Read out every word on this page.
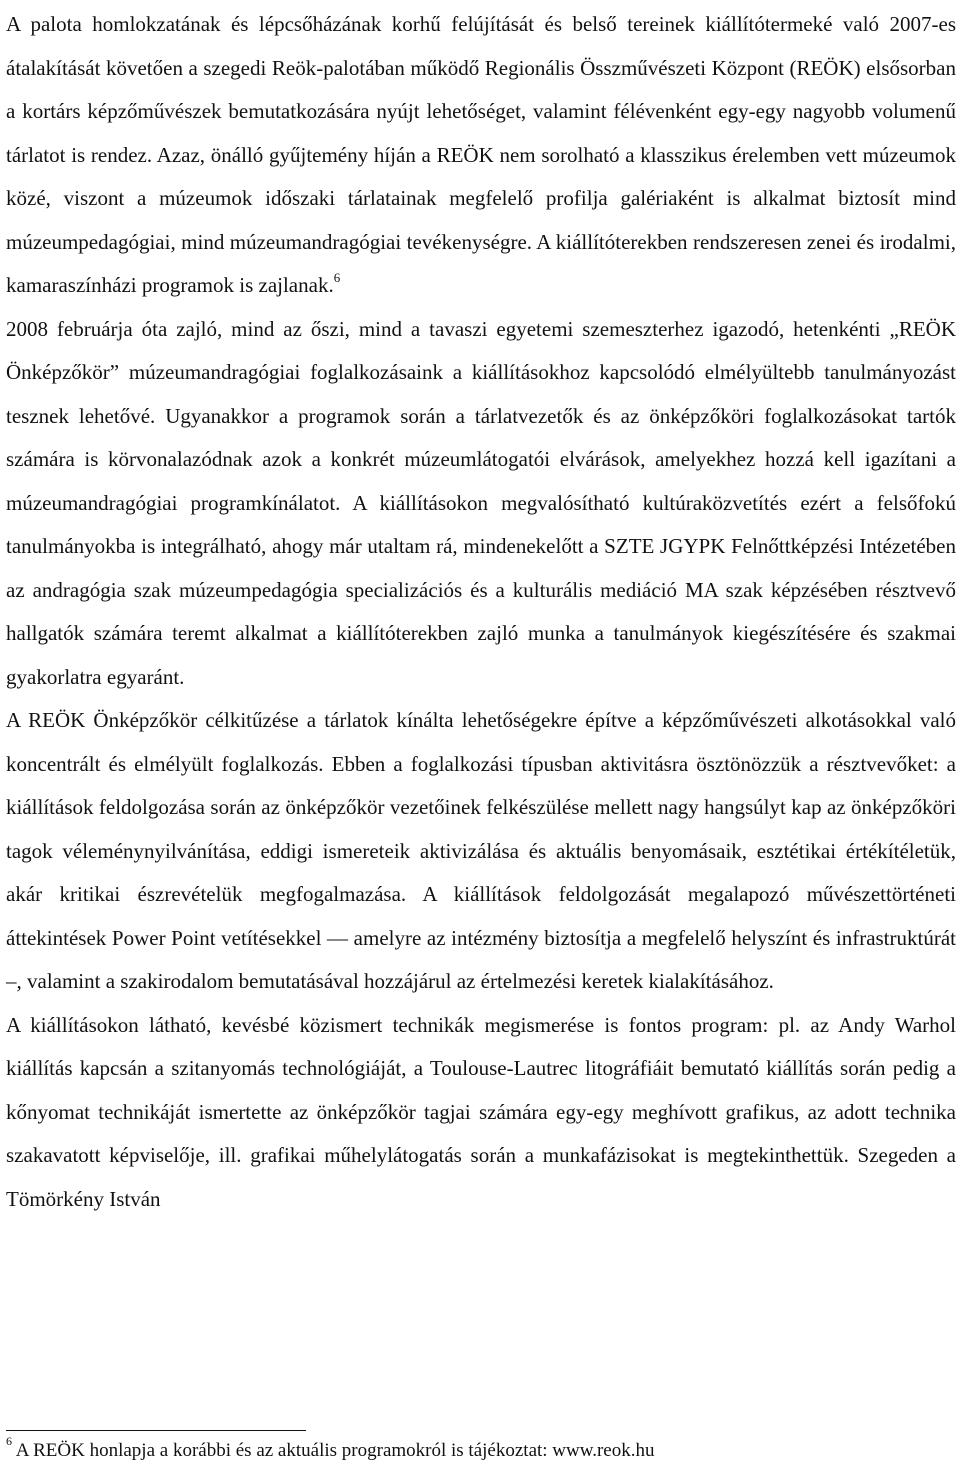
A palota homlokzatának és lépcsőházának korhű felújítását és belső tereinek kiállítótermeké való 2007-es átalakítását követően a szegedi Reök-palotában működő Regionális Összművészeti Központ (REÖK) elsősorban a kortárs képzőművészek bemutatkozására nyújt lehetőséget, valamint félévenként egy-egy nagyobb volumenű tárlatot is rendez. Azaz, önálló gyűjtemény híján a REÖK nem sorolható a klasszikus érelemben vett múzeumok közé, viszont a múzeumok időszaki tárlatainak megfelelő profilja galériaként is alkalmat biztosít mind múzeumpedagógiai, mind múzeumandragógiai tevékenységre. A kiállítóterekben rendszeresen zenei és irodalmi, kamaraszínházi programok is zajlanak.$^6$

2008 februárja óta zajló, mind az őszi, mind a tavaszi egyetemi szemeszterhez igazodó, hetenkénti „REÖK Önképzőkör” múzeumandragógiai foglalkozásaink a kiállításokhoz kapcsolódó elmélyültebb tanulmányozást tesznek lehetővé. Ugyanakkor a programok során a tárlatvezetők és az önképzőköri foglalkozásokat tartók számára is körvonalazódnak azok a konkrét múzeumlátogatói elvárások, amelyekhez hozzá kell igazítani a múzeumandragógiai programkínálatot. A kiállításokon megvalósítható kultúraközvetítés ezért a felsőfokú tanulmányokba is integrálható, ahogy már utaltam rá, mindenekelőtt a SZTE JGYPK Felnőttképzési Intézetében az andragógia szak múzeumpedagógia specializációs és a kulturális mediáció MA szak képzésében résztvevő hallgatók számára teremt alkalmat a kiállítóterekben zajló munka a tanulmányok kiegészítésére és szakmai gyakorlatra egyaránt.

A REÖK Önképzőkör célkitűzése a tárlatok kínálta lehetőségekre építve a képzőművészeti alkotásokkal való koncentrált és elmélyült foglalkozás. Ebben a foglalkozási típusban aktivitásra ösztönözzük a résztvevőket: a kiállítások feldolgozása során az önképzőkör vezetőinek felkészülése mellett nagy hangsúlyt kap az önképzőköri tagok véleménynyilvánítása, eddigi ismereteik aktivizálása és aktuális benyomásaik, esztétikai értékítéletük, akár kritikai észrevételük megfogalmazása. A kiállítások feldolgozását megalapozó művészettörténeti áttekintések Power Point vetítésekkel — amelyre az intézmény biztosítja a megfelelő helyszínt és infrastruktúrát –, valamint a szakirodalom bemutatásával hozzájárul az értelmezési keretek kialakításához.

A kiállításokon látható, kevésbé közismert technikák megismerése is fontos program: pl. az Andy Warhol kiállítás kapcsán a szitanyomás technológiáját, a Toulouse-Lautrec litográfiáit bemutató kiállítás során pedig a kőnyomat technikáját ismertette az önképzőkör tagjai számára egy-egy meghívott grafikus, az adott technika szakavatott képviselője, ill. grafikai műhelylátogatás során a munkafázisokat is megtekinthettük. Szegeden a Tömörkény István

$^6$ A REÖK honlapja a korábbi és az aktuális programokról is tájékoztat: www.reok.hu
